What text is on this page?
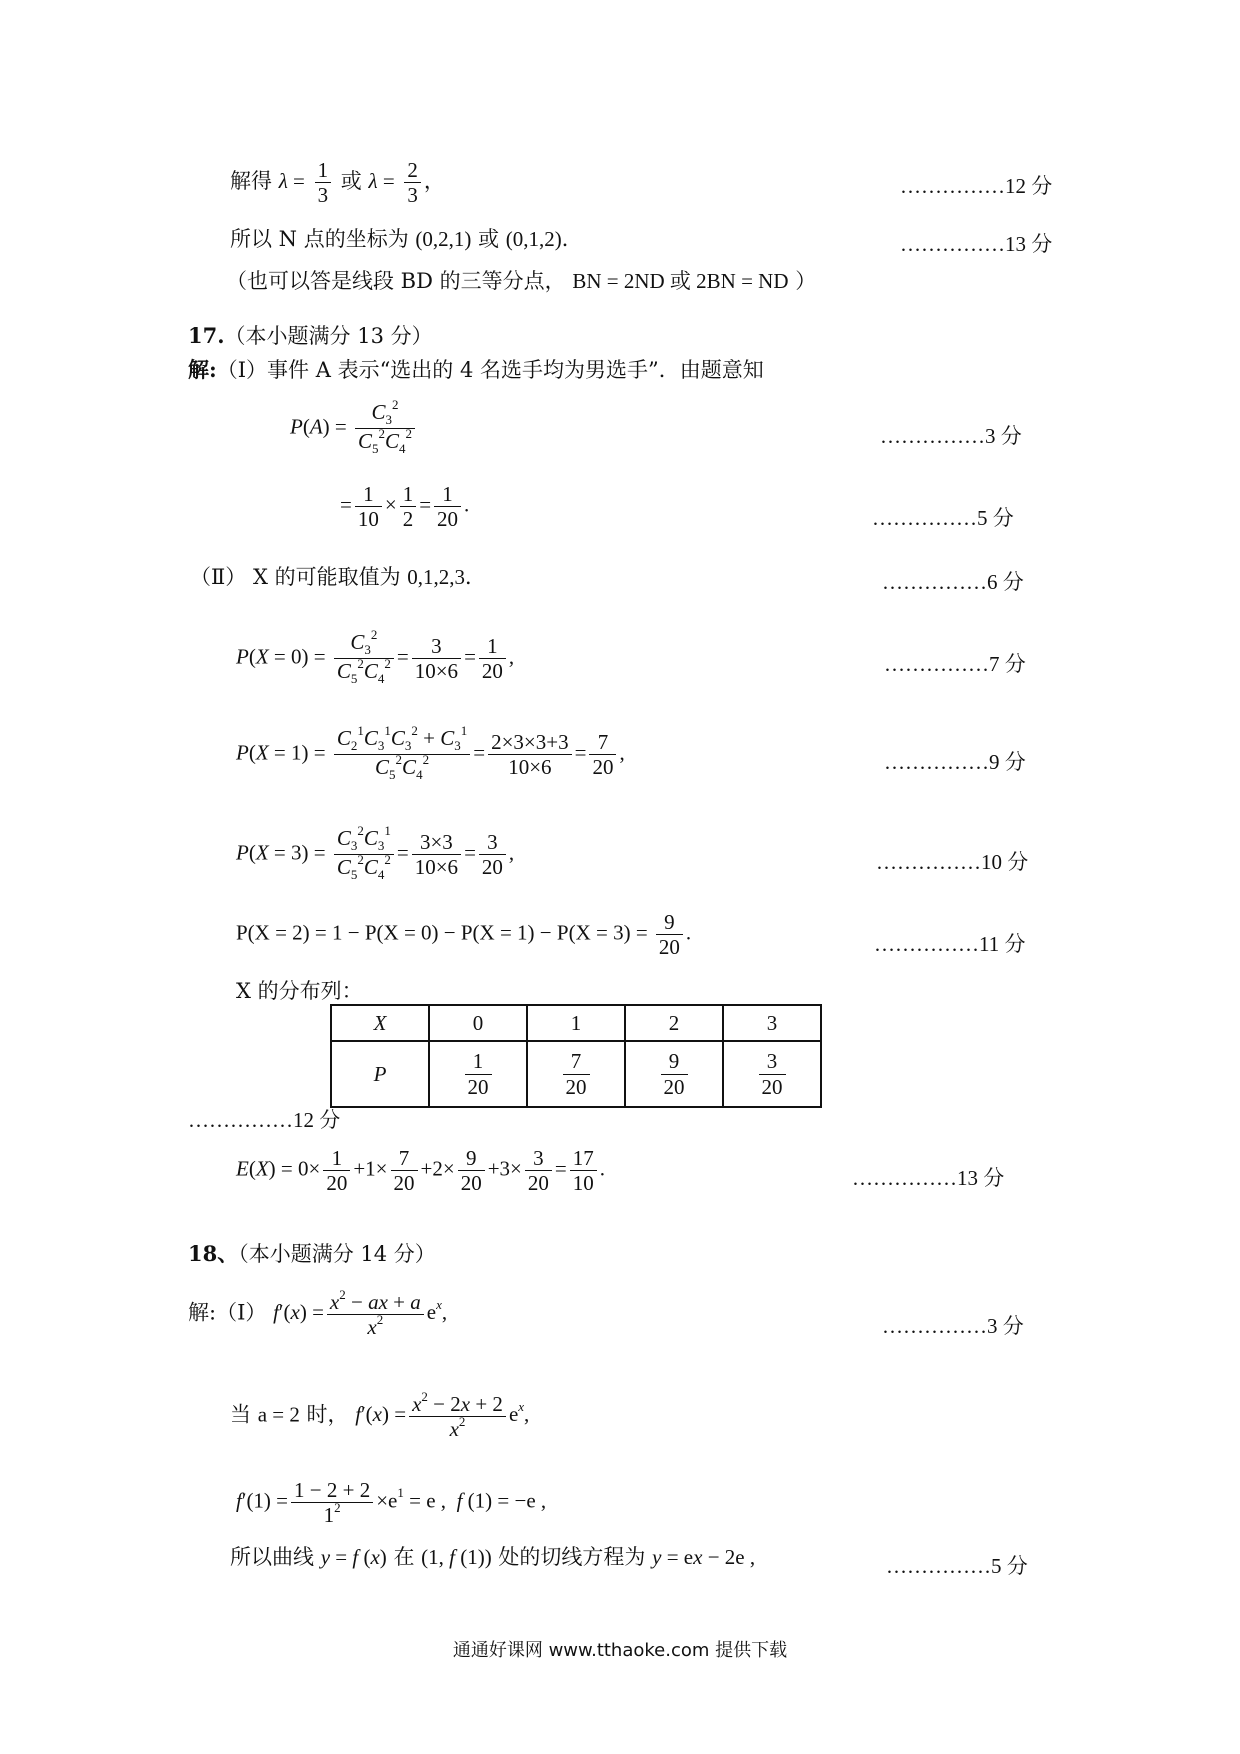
解得 $\lambda = \frac{1}{3}$ 或 $\lambda = \frac{2}{3}$ ，	……………12 分
所以 N 点的坐标为 (0,2,1) 或 (0,1,2)．	……………13 分
（也可以答是线段 BD 的三等分点， BN = 2ND 或 2BN = ND ）
17.（本小题满分 13 分）
解:（Ⅰ）事件 A 表示“选出的 4 名选手均为男选手”．由题意知
$P(A) = \frac{C_3^2}{C_5^2C_4^2}$	……………3 分
= $\frac{1}{10} \times \frac{1}{2} = \frac{1}{20}$ .
……………5 分
（Ⅱ） X 的可能取值为 0,1,2,3．	……………6 分
$P(X = 0) = \frac{C_3^2}{C_5^2C_4^2} = \frac{3}{10\times 6} = \frac{1}{20}$ ,	……………7 分
$P(X = 1) = \frac{C_2^1C_3^1C_3^2 + C_3^1}{C_5^2C_4^2} = \frac{2\times 3\times 3+3}{10\times 6} = \frac{7}{20}$ ,	……………9 分
$P(X = 3) = \frac{C_3^2C_3^1}{C_5^2C_4^2} = \frac{3\times 3}{10\times 6} = \frac{3}{20}$ ,	……………10 分
$P(X = 2) = 1 - P(X = 0) - P(X = 1) - P(X = 3) = \frac{9}{20}$ .	……………11 分
X 的分布列：
X	0	1	2	3
P	$\frac{1}{20}$	$\frac{7}{20}$	$\frac{9}{20}$	$\frac{3}{20}$
……………12 分
$E(X) = 0\times \frac{1}{20} +1\times \frac{7}{20} +2\times \frac{9}{20} +3\times \frac{3}{20} = \frac{17}{10}$ .	……………13 分
18、（本小题满分 14 分）
解:（Ⅰ） $f'(x) = \frac{x^2 - ax + a}{x^2} e^x$,
……………3 分
当 a = 2 时， $f'(x) = \frac{x^2 - 2x + 2}{x^2} e^x$,
$f'(1) = \frac{1 - 2 + 2}{1^2} \times e^1 = e$ ,  f (1) = −e ,
所以曲线 y = f (x) 在 (1, f (1)) 处的切线方程为 y = ex − 2e ,	……………5 分
通通好课网 www.tthaoke.com 提供下载
